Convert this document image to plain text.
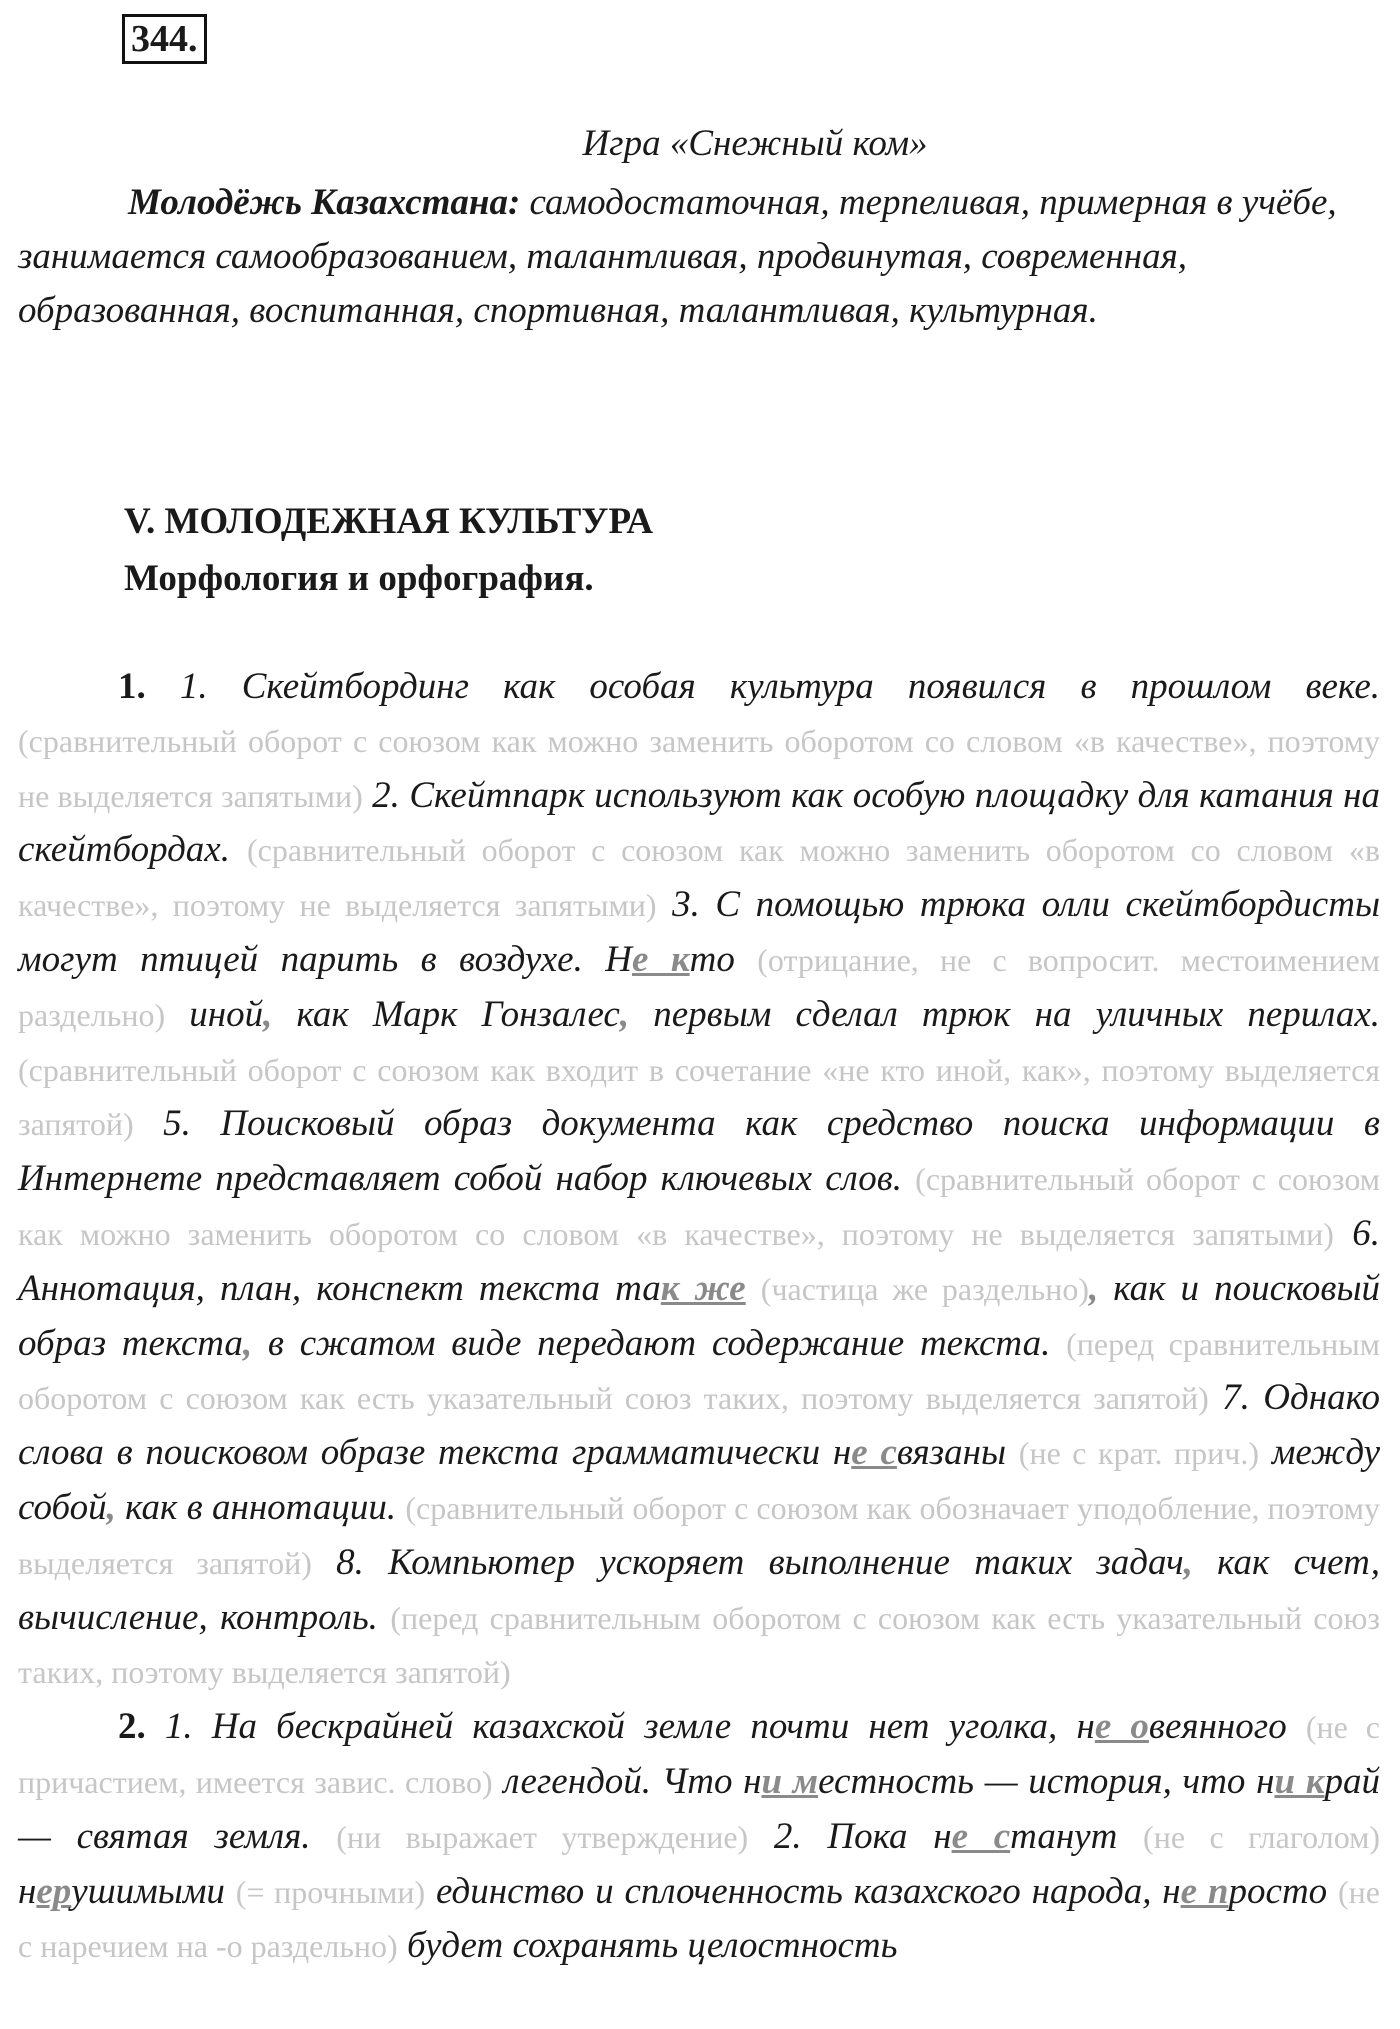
344.
Игра «Снежный ком»
Молодёжь Казахстана: самодостаточная, терпеливая, примерная в учёбе, занимается самообразованием, талантливая, продвинутая, современная, образованная, воспитанная, спортивная, талантливая, культурная.
V. МОЛОДЕЖНАЯ КУЛЬТУРА
Морфология и орфография.

1. 1. Скейтбординг как особая культура появился в прошлом веке. (сравнительный оборот с союзом как можно заменить оборотом со словом «в качестве», поэтому не выделяется запятыми) 2. Скейтпарк используют как особую площадку для катания на скейтбордах. (сравнительный оборот с союзом как можно заменить оборотом со словом «в качестве», поэтому не выделяется запятыми) 3. С помощью трюка олли скейтбордисты могут птицей парить в воздухе. Не кто (отрицание, не с вопросит. местоимением раздельно) иной, как Марк Гонзалес, первым сделал трюк на уличных перилах. (сравнительный оборот с союзом как входит в сочетание «не кто иной, как», поэтому выделяется запятой) 5. Поисковый образ документа как средство поиска информации в Интернете представляет собой набор ключевых слов. (сравнительный оборот с союзом как можно заменить оборотом со словом «в качестве», поэтому не выделяется запятыми) 6. Аннотация, план, конспект текста так же (частица же раздельно), как и поисковый образ текста, в сжатом виде передают содержание текста. (перед сравнительным оборотом с союзом как есть указательный союз таких, поэтому выделяется запятой) 7. Однако слова в поисковом образе текста грамматически не связаны (не с крат. прич.) между собой, как в аннотации. (сравнительный оборот с союзом как обозначает уподобление, поэтому выделяется запятой) 8. Компьютер ускоряет выполнение таких задач, как счет, вычисление, контроль. (перед сравнительным оборотом с союзом как есть указательный союз таких, поэтому выделяется запятой)

2. 1. На бескрайней казахской земле почти нет уголка, не овеянного (не с причастием, имеется завис. слово) легендой. Что ни местность — история, что ни край — святая земля. (ни выражает утверждение) 2. Пока не станут (не с глаголом) нерушимыми (= прочными) единство и сплоченность казахского народа, не просто (не с наречием на -о раздельно) будет сохранять целостность
